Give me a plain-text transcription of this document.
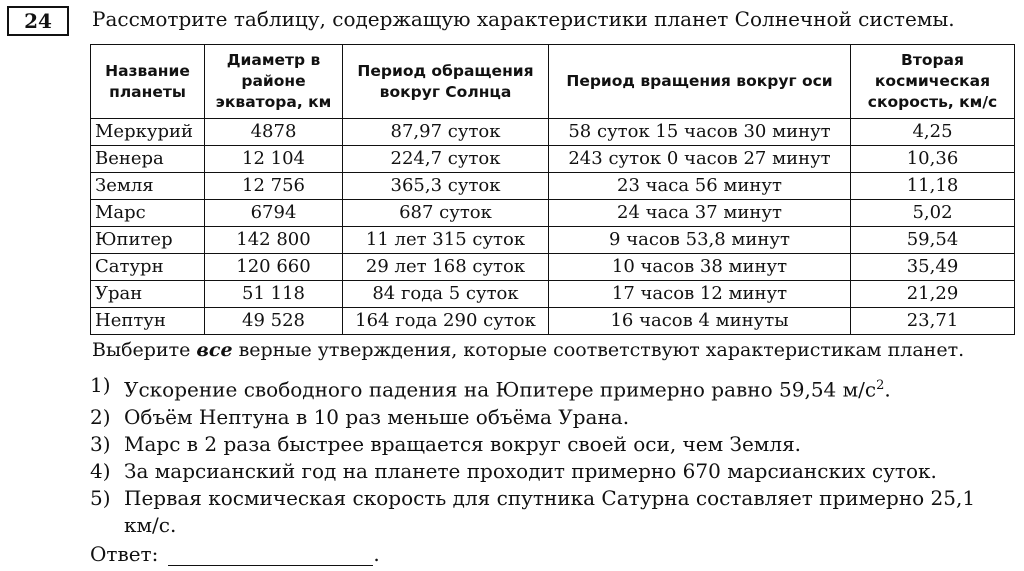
24	Рассмотрите таблицу, содержащую характеристики планет Солнечной системы.
Название планеты	Диаметр в районе экватора, км	Период обращения вокруг Солнца	Период вращения вокруг оси	Вторая космическая скорость, км/с
Меркурий	4878	87,97 суток	58 суток 15 часов 30 минут	4,25
Венера	12 104	224,7 суток	243 суток 0 часов 27 минут	10,36
Земля	12 756	365,3 суток	23 часа 56 минут	11,18
Марс	6794	687 суток	24 часа 37 минут	5,02
Юпитер	142 800	11 лет 315 суток	9 часов 53,8 минут	59,54
Сатурн	120 660	29 лет 168 суток	10 часов 38 минут	35,49
Уран	51 118	84 года 5 суток	17 часов 12 минут	21,29
Нептун	49 528	164 года 290 суток	16 часов 4 минуты	23,71
Выберите все верные утверждения, которые соответствуют характеристикам планет.
1) Ускорение свободного падения на Юпитере примерно равно 59,54 $м/с^2$.
2) Объём Нептуна в 10 раз меньше объёма Урана.
3) Марс в 2 раза быстрее вращается вокруг своей оси, чем Земля.
4) За марсианский год на планете проходит примерно 670 марсианских суток.
5) Первая космическая скорость для спутника Сатурна составляет примерно 25,1 км/с.
Ответ:	.
